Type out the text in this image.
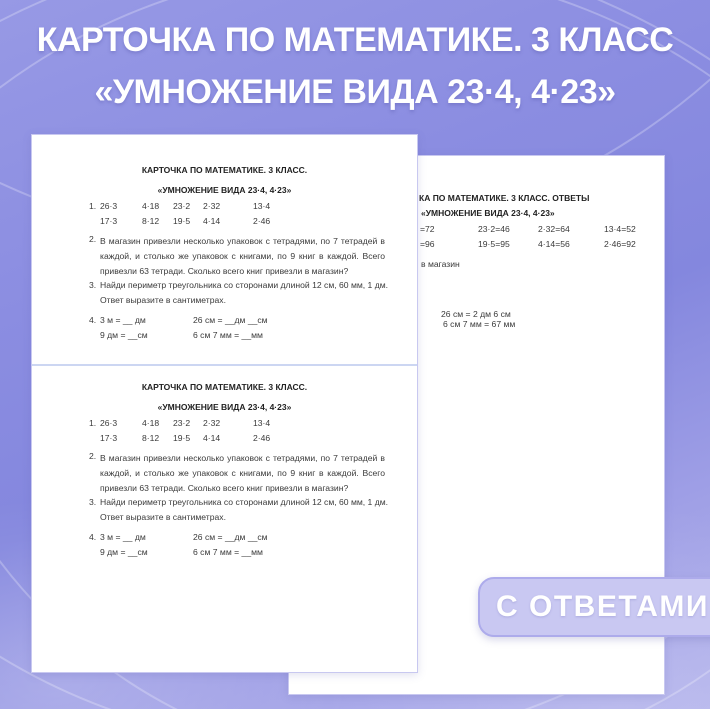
КАРТОЧКА ПО МАТЕМАТИКЕ. 3 КЛАСС
«УМНОЖЕНИЕ ВИДА 23·4, 4·23»
КА ПО МАТЕМАТИКЕ. 3 КЛАСС. ОТВЕТЫ
«УМНОЖЕНИЕ ВИДА 23·4, 4·23»
=72	23·2=46	2·32=64	13·4=52
=96	19·5=95	4·14=56	2·46=92
в магазин
26 см = 2 дм 6 см
6 см 7 мм = 67 мм
КАРТОЧКА ПО МАТЕМАТИКЕ. 3 КЛАСС.
«УМНОЖЕНИЕ ВИДА 23·4, 4·23»
1. 26·3	4·18 23·2 2·32	13·4
17·3	8·12 19·5 4·14	2·46
2. В магазин привезли несколько упаковок с тетрадями, по 7 тетрадей в каждой, и столько же упаковок с книгами, по 9 книг в каждой. Всего привезли 63 тетради. Сколько всего книг привезли в магазин?
3. Найди периметр треугольника со сторонами длиной 12 см, 60 мм, 1 дм.
Ответ выразите в сантиметрах.
4. 3 м = __ дм	26 см = __дм __см
9 дм = __см	6 см 7 мм = __мм
КАРТОЧКА ПО МАТЕМАТИКЕ. 3 КЛАСС.
«УМНОЖЕНИЕ ВИДА 23·4, 4·23»
1. 26·3	4·18 23·2 2·32	13·4
17·3	8·12 19·5 4·14	2·46
2. В магазин привезли несколько упаковок с тетрадями, по 7 тетрадей в каждой, и столько же упаковок с книгами, по 9 книг в каждой. Всего привезли 63 тетради. Сколько всего книг привезли в магазин?
3. Найди периметр треугольника со сторонами длиной 12 см, 60 мм, 1 дм.
Ответ выразите в сантиметрах.
4. 3 м = __ дм	26 см = __дм __см
9 дм = __см	6 см 7 мм = __мм
С ОТВЕТАМИ
